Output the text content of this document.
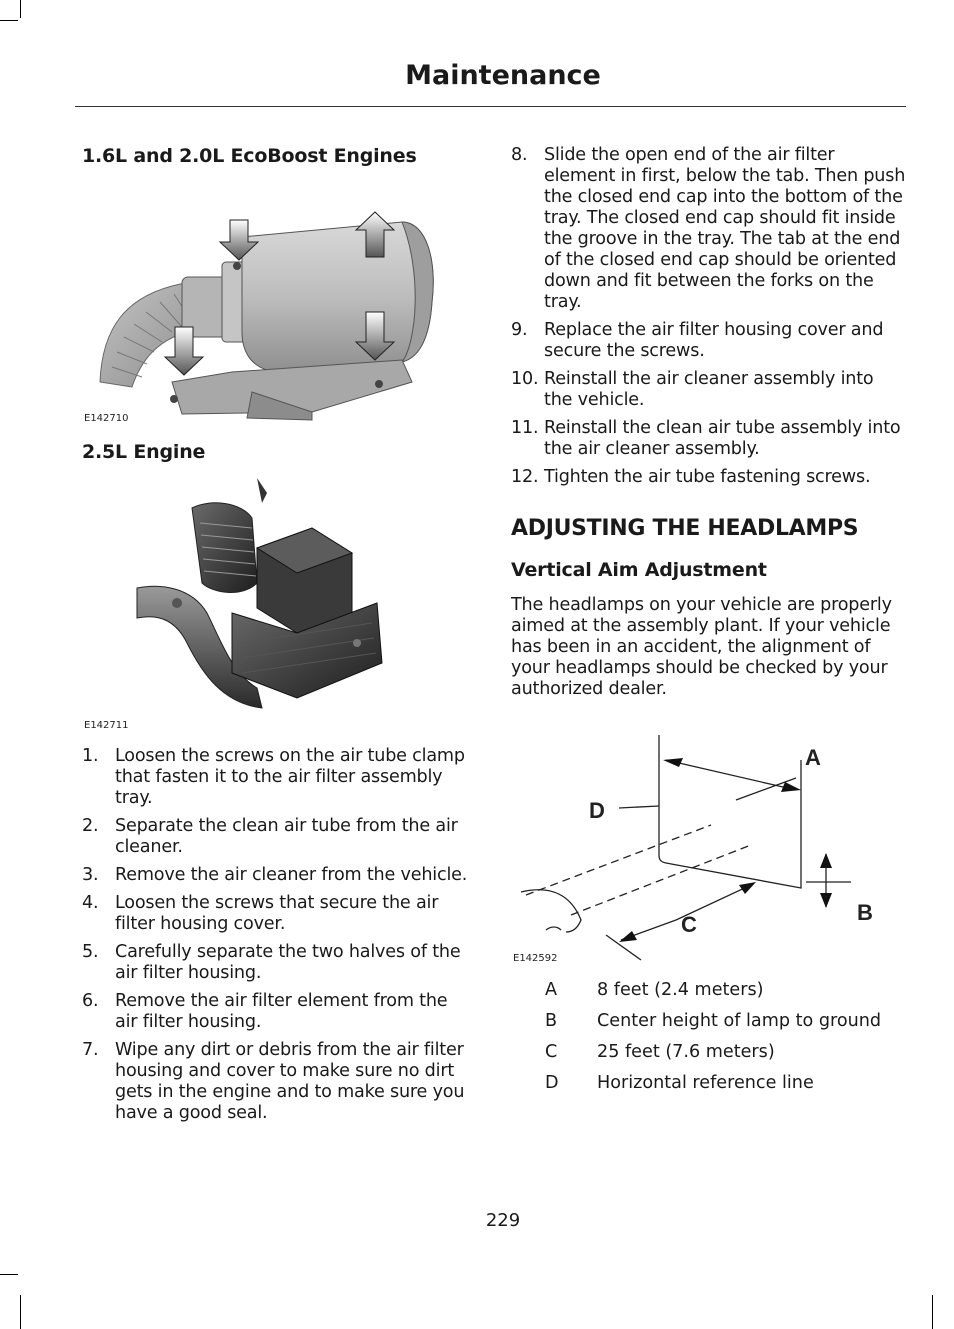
Maintenance
1.6L and 2.0L EcoBoost Engines
E142710
2.5L Engine
E142711
1. Loosen the screws on the air tube clamp that fasten it to the air filter assembly tray.
2. Separate the clean air tube from the air cleaner.
3. Remove the air cleaner from the vehicle.
4. Loosen the screws that secure the air filter housing cover.
5. Carefully separate the two halves of the air filter housing.
6. Remove the air filter element from the air filter housing.
7. Wipe any dirt or debris from the air filter housing and cover to make sure no dirt gets in the engine and to make sure you have a good seal.
8. Slide the open end of the air filter element in first, below the tab. Then push the closed end cap into the bottom of the tray. The closed end cap should fit inside the groove in the tray. The tab at the end of the closed end cap should be oriented down and fit between the forks on the tray.
9. Replace the air filter housing cover and secure the screws.
10. Reinstall the air cleaner assembly into the vehicle.
11. Reinstall the clean air tube assembly into the air cleaner assembly.
12. Tighten the air tube fastening screws.
ADJUSTING THE HEADLAMPS
Vertical Aim Adjustment

The headlamps on your vehicle are properly aimed at the assembly plant. If your vehicle has been in an accident, the alignment of your headlamps should be checked by your authorized dealer.

A
B
C
D
E142592
A	8 feet (2.4 meters)
B	Center height of lamp to ground
C	25 feet (7.6 meters)
D	Horizontal reference line
229
